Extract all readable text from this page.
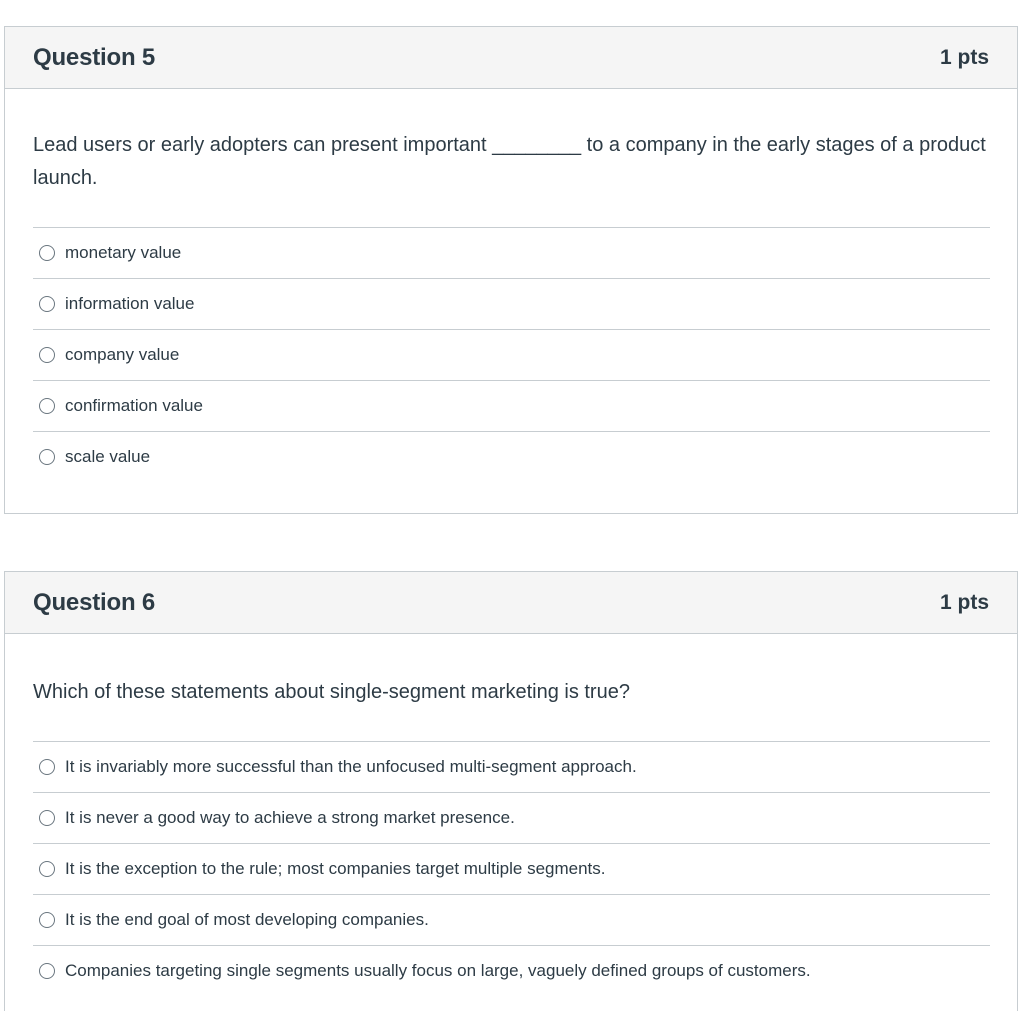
Question 5	1 pts

Lead users or early adopters can present important ________ to a company in the early stages of a product launch.

monetary value
information value
company value
confirmation value
scale value
Question 6	1 pts

Which of these statements about single-segment marketing is true?

It is invariably more successful than the unfocused multi-segment approach.
It is never a good way to achieve a strong market presence.
It is the exception to the rule; most companies target multiple segments.
It is the end goal of most developing companies.
Companies targeting single segments usually focus on large, vaguely defined groups of customers.
